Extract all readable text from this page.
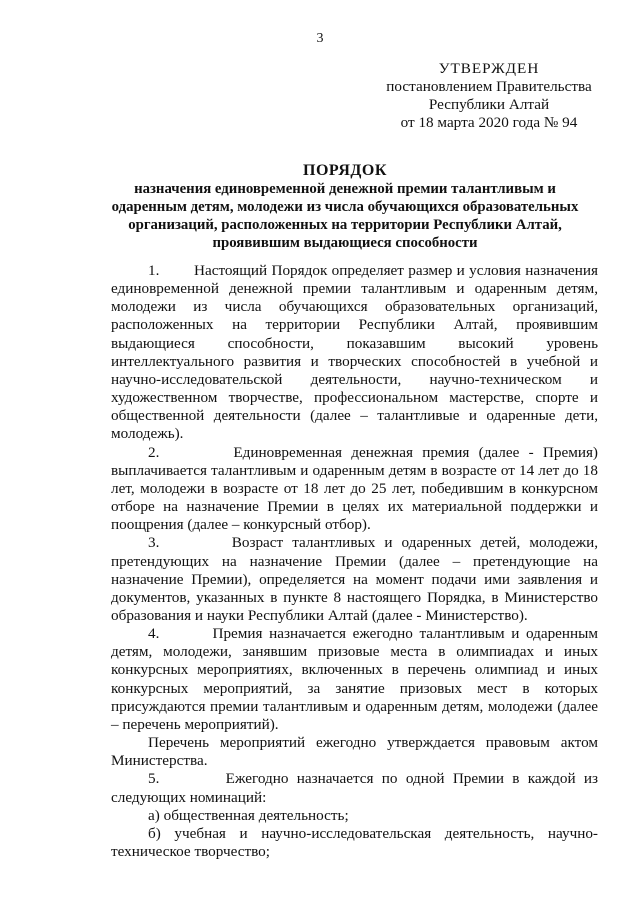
3
УТВЕРЖДЕН
постановлением Правительства
Республики Алтай
от 18 марта 2020 года № 94
ПОРЯДОК
назначения единовременной денежной премии талантливым и одаренным детям, молодежи из числа обучающихся образовательных организаций, расположенных на территории Республики Алтай, проявившим выдающиеся способности

1.        Настоящий Порядок определяет размер и условия назначения единовременной денежной премии талантливым и одаренным детям, молодежи из числа обучающихся образовательных организаций, расположенных на территории Республики Алтай, проявившим выдающиеся способности, показавшим высокий уровень интеллектуального развития и творческих способностей в учебной и научно-исследовательской деятельности, научно-техническом и художественном творчестве, профессиональном мастерстве, спорте и общественной деятельности (далее – талантливые и одаренные дети, молодежь).

2.        Единовременная денежная премия (далее - Премия) выплачивается талантливым и одаренным детям в возрасте от 14 лет до 18 лет, молодежи в возрасте от 18 лет до 25 лет, победившим в конкурсном отборе на назначение Премии в целях их материальной поддержки и поощрения (далее – конкурсный отбор).

3.        Возраст талантливых и одаренных детей, молодежи, претендующих на назначение Премии (далее – претендующие на назначение Премии), определяется на момент подачи ими заявления и документов, указанных в пункте 8 настоящего Порядка, в Министерство образования и науки Республики Алтай (далее - Министерство).

4.        Премия назначается ежегодно талантливым и одаренным детям, молодежи, занявшим призовые места в олимпиадах и иных конкурсных мероприятиях, включенных в перечень олимпиад и иных конкурсных мероприятий, за занятие призовых мест в которых присуждаются премии талантливым и одаренным детям, молодежи (далее – перечень мероприятий).

Перечень мероприятий ежегодно утверждается правовым актом Министерства.

5.        Ежегодно назначается по одной Премии в каждой из следующих номинаций:

а) общественная деятельность;

б) учебная и научно-исследовательская деятельность, научно-техническое творчество;
